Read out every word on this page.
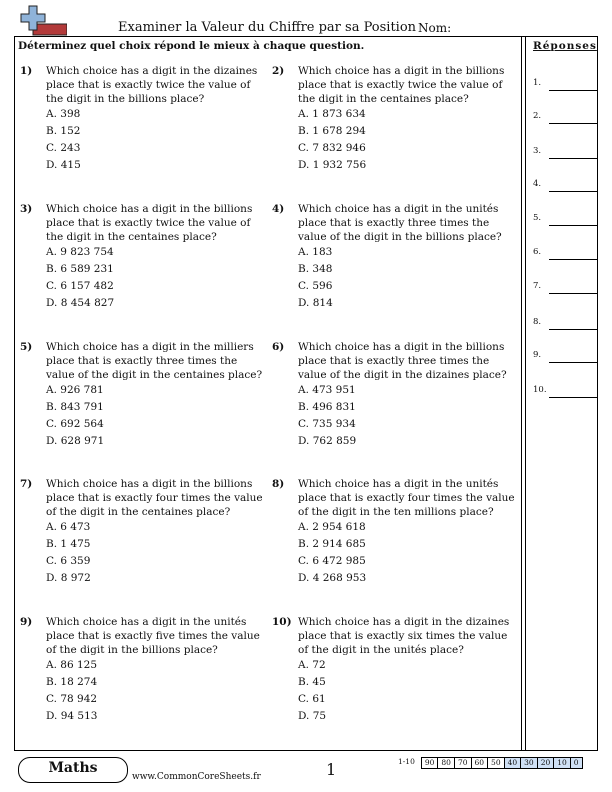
Examiner la Valeur du Chiffre par sa Position Nom:
Déterminez quel choix répond le mieux à chaque question.	Réponses
1) Which choice has a digit in the dizaines place that is exactly twice the value of the digit in the billions place?
A. 398
B. 152
C. 243
D. 415
2) Which choice has a digit in the billions place that is exactly twice the value of the digit in the centaines place?
A. 1 873 634
B. 1 678 294
C. 7 832 946
D. 1 932 756
3) Which choice has a digit in the billions place that is exactly twice the value of the digit in the centaines place?
A. 9 823 754
B. 6 589 231
C. 6 157 482
D. 8 454 827
4) Which choice has a digit in the unités place that is exactly three times the value of the digit in the billions place?
A. 183
B. 348
C. 596
D. 814
5) Which choice has a digit in the milliers place that is exactly three times the value of the digit in the centaines place?
A. 926 781
B. 843 791
C. 692 564
D. 628 971
6) Which choice has a digit in the billions place that is exactly three times the value of the digit in the dizaines place?
A. 473 951
B. 496 831
C. 735 934
D. 762 859
7) Which choice has a digit in the billions place that is exactly four times the value of the digit in the centaines place?
A. 6 473
B. 1 475
C. 6 359
D. 8 972
8) Which choice has a digit in the unités place that is exactly four times the value of the digit in the ten millions place?
A. 2 954 618
B. 2 914 685
C. 6 472 985
D. 4 268 953
9) Which choice has a digit in the unités place that is exactly five times the value of the digit in the billions place?
A. 86 125
B. 18 274
C. 78 942
D. 94 513
10) Which choice has a digit in the dizaines place that is exactly six times the value of the digit in the unités place?
A. 72
B. 45
C. 61
D. 75
1.
2.
3.
4.
5.
6.
7.
8.
9.
10.
Maths
www.CommonCoreSheets.fr	1	1-10	90 80 70 60 50 40 30 20 10 0
